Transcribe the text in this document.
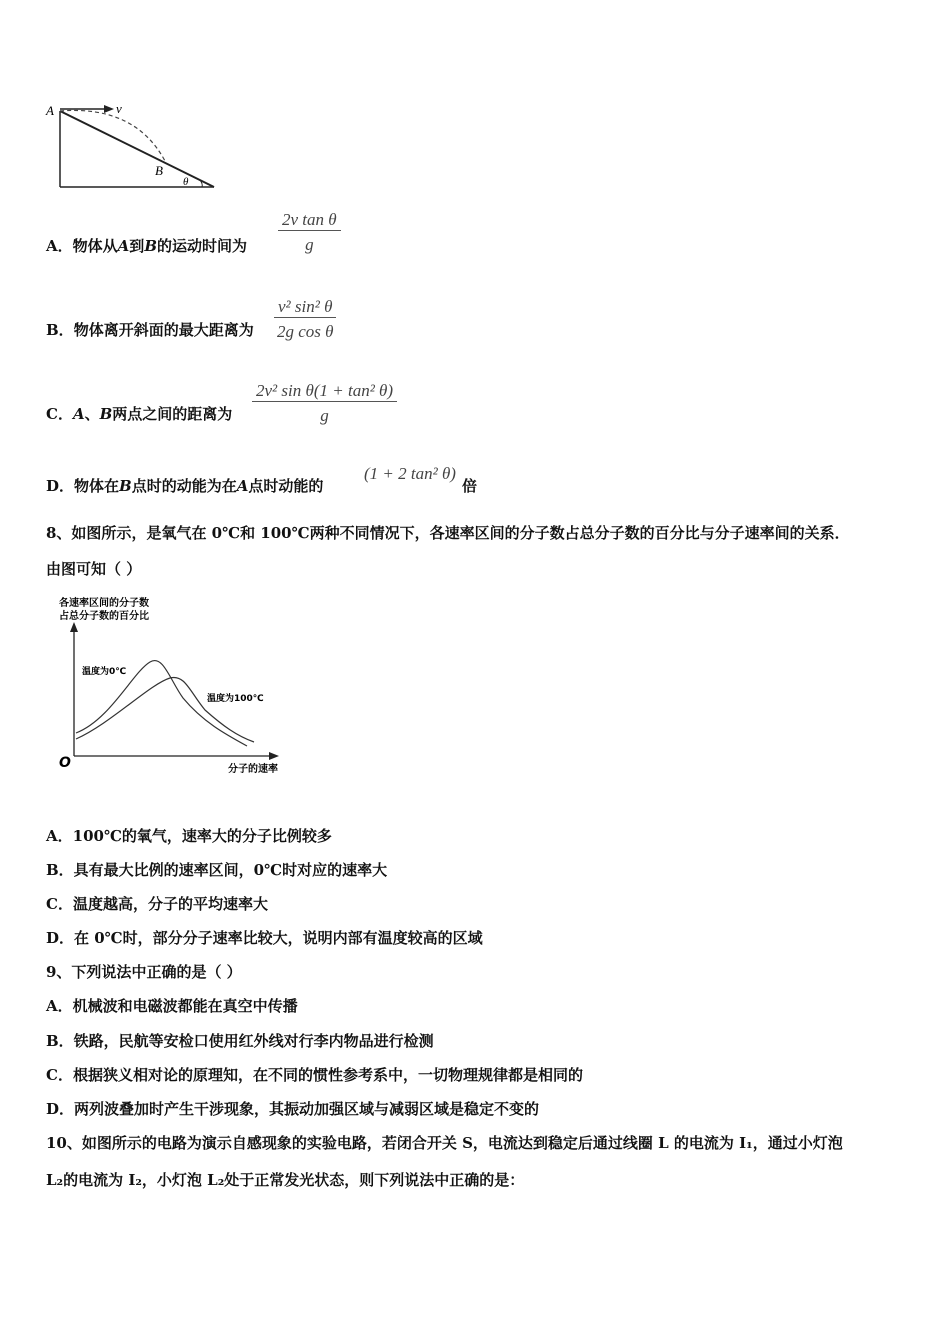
A	v
B
θ
A．物体从A到B的运动时间为 $\frac{\text{2v tan θ}}{g}$
B．物体离开斜面的最大距离为 $\frac{\text{v² sin² θ}}{\text{2g cos θ}}$
C．A、B两点之间的距离为 $\frac{\text{2v² sin θ(1 + tan² θ)}}{g}$
D．物体在B点时的动能为在A点时动能的
(1 + 2 tan² θ)
倍
8、如图所示，是氧气在 0℃和 100℃两种不同情况下，各速率区间的分子数占总分子数的百分比与分子速率间的关系．
由图可知（ ）
各速率区间的分子数
占总分子数的百分比
温度为0℃
温度为100℃
O	分子的速率
A．100℃的氧气，速率大的分子比例较多
B．具有最大比例的速率区间，0℃时对应的速率大
C．温度越高，分子的平均速率大
D．在 0℃时，部分分子速率比较大，说明内部有温度较高的区域
9、下列说法中正确的是（ ）
A．机械波和电磁波都能在真空中传播
B．铁路，民航等安检口使用红外线对行李内物品进行检测
C．根据狭义相对论的原理知，在不同的惯性参考系中，一切物理规律都是相同的
D．两列波叠加时产生干涉现象，其振动加强区域与减弱区域是稳定不变的
10、如图所示的电路为演示自感现象的实验电路，若闭合开关 S，电流达到稳定后通过线圈 L 的电流为 I₁，通过小灯泡
L₂的电流为 I₂，小灯泡 L₂处于正常发光状态，则下列说法中正确的是：
